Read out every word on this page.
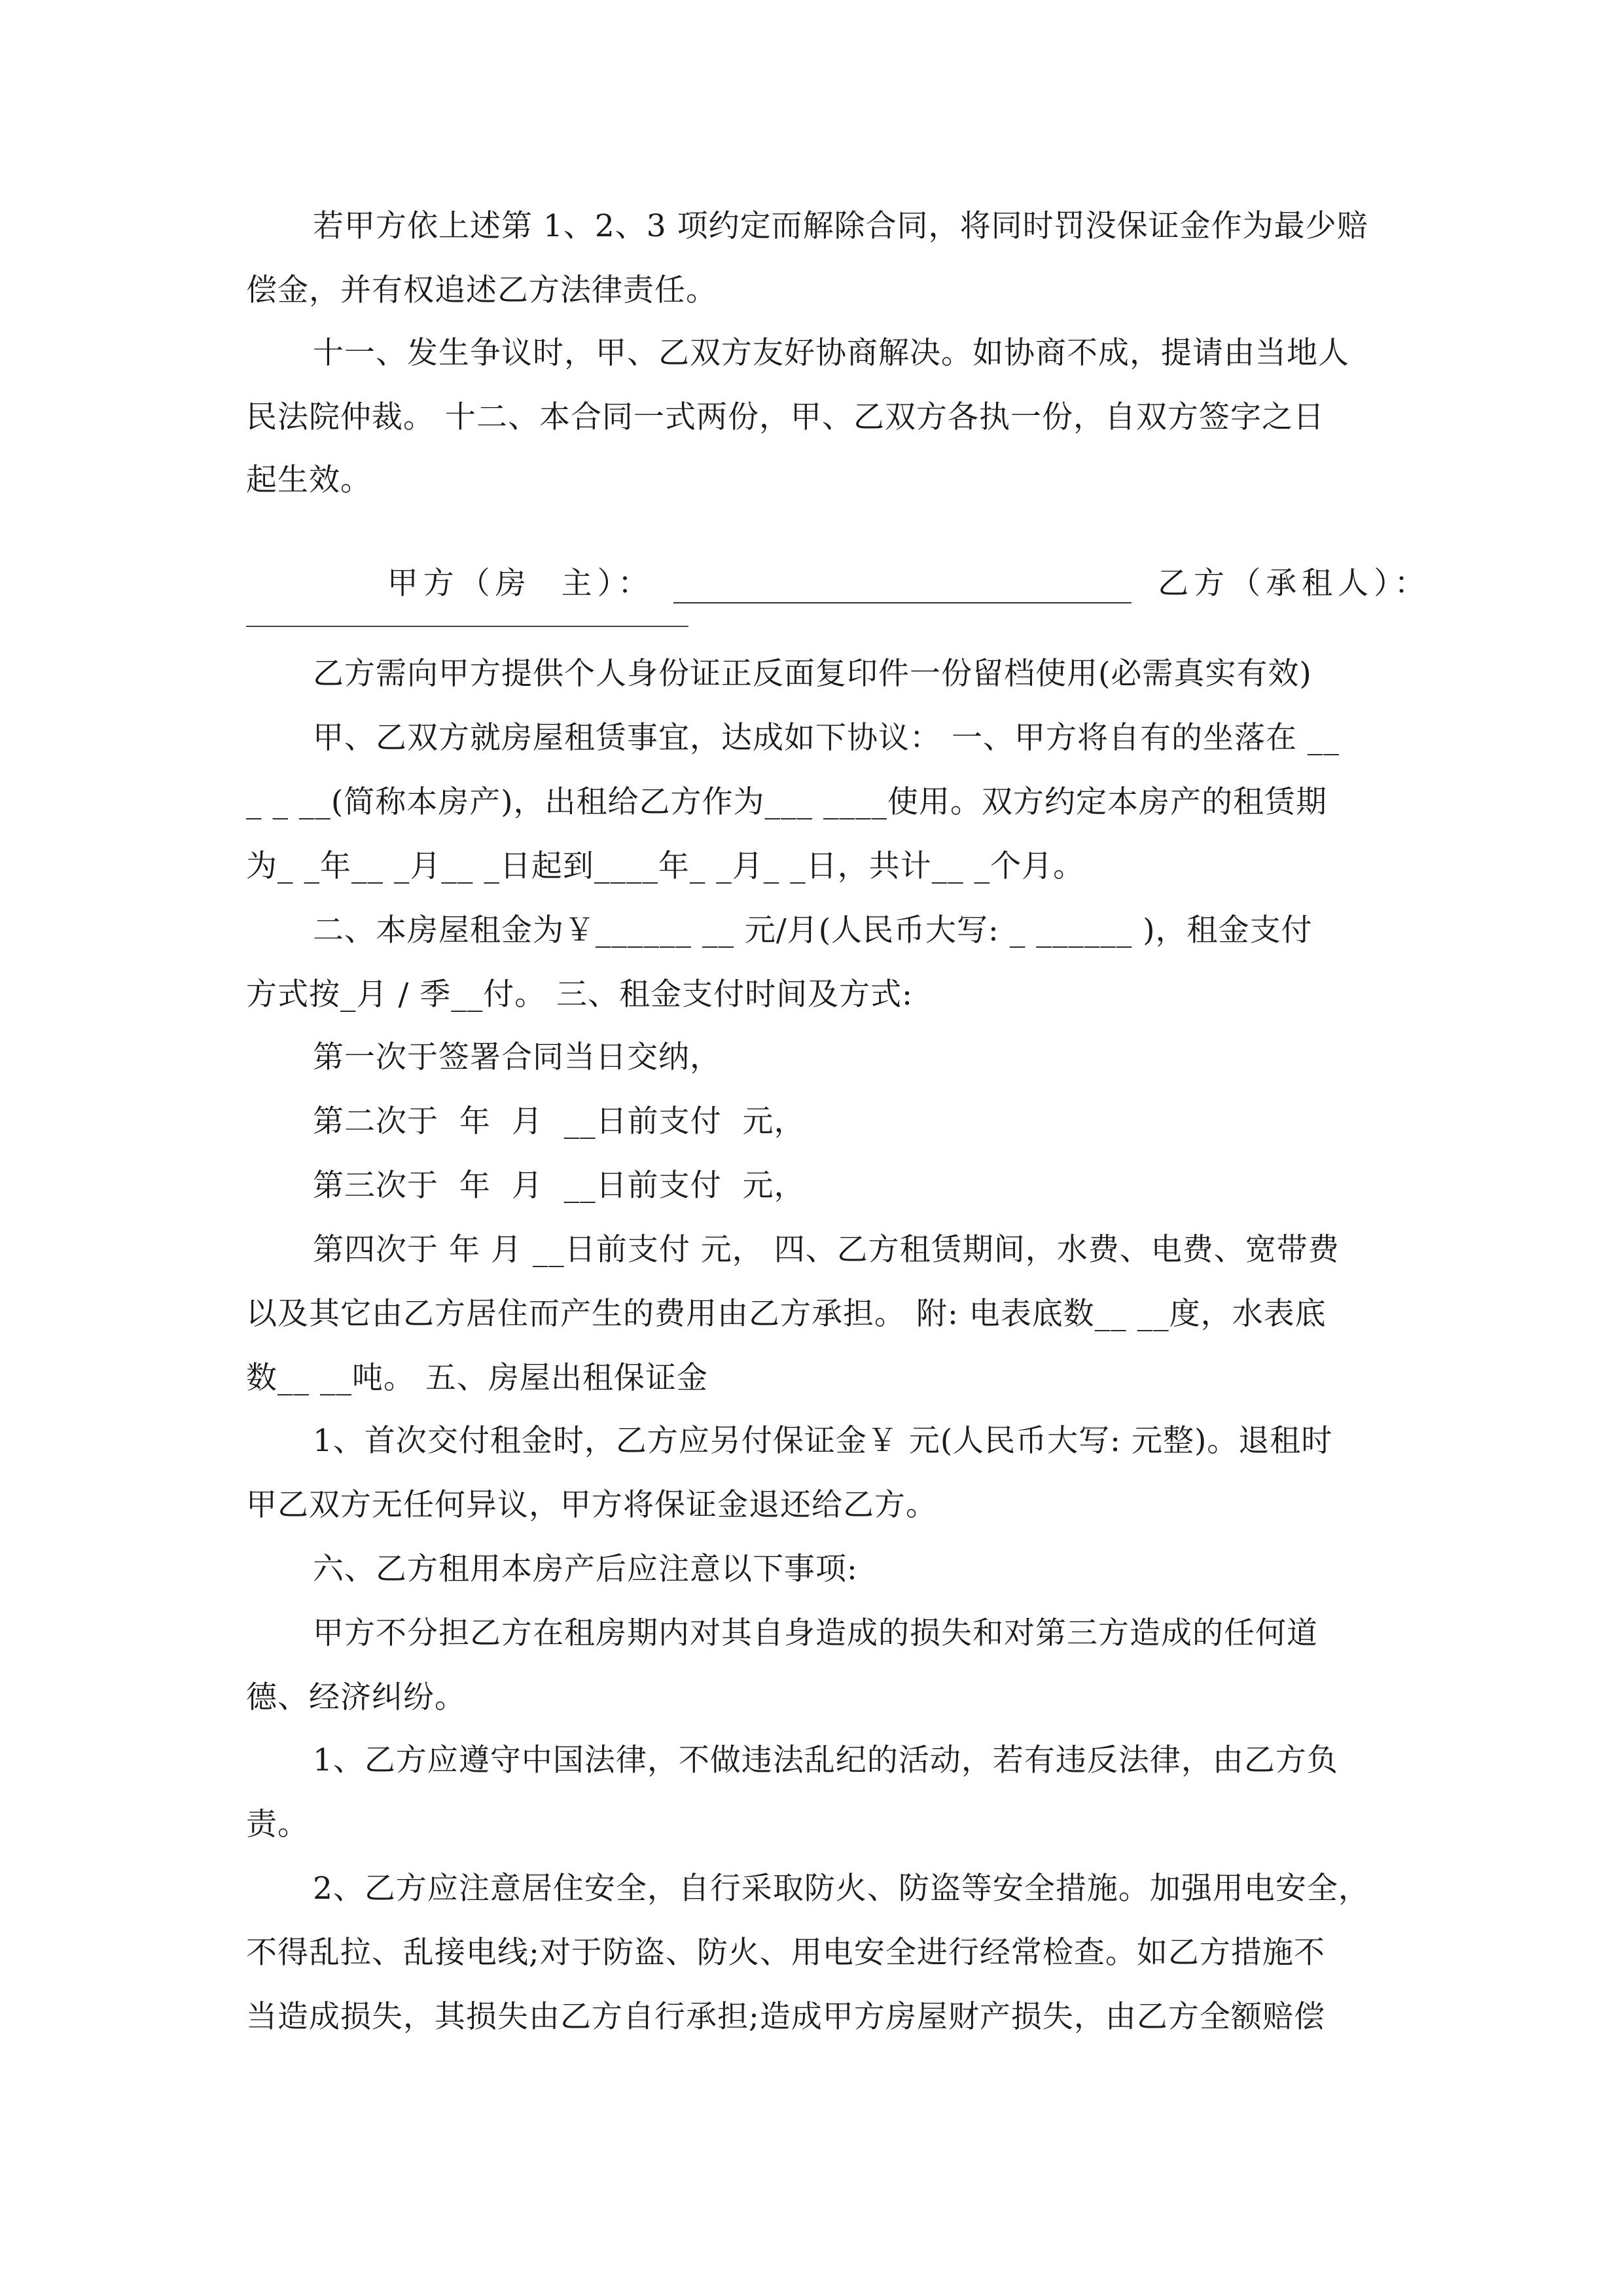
若甲方依上述第 1、2、3 项约定而解除合同，将同时罚没保证金作为最少赔
偿金，并有权追述乙方法律责任。
十一、发生争议时，甲、乙双方友好协商解决。如协商不成，提请由当地人
民法院仲裁。 十二、本合同一式两份，甲、乙双方各执一份，自双方签字之日
起生效。

甲方（房  主）：	乙方（承租人）：

乙方需向甲方提供个人身份证正反面复印件一份留档使用(必需真实有效)
甲、乙双方就房屋租赁事宜，达成如下协议： 一、甲方将自有的坐落在 __
_ _ __(简称本房产)，出租给乙方作为___ ____使用。双方约定本房产的租赁期
为_ _年__ _月__ _日起到____年_ _月_ _日，共计__ _个月。
二、本房屋租金为￥______ __ 元/月(人民币大写: _ ______ )，租金支付
方式按_月 / 季__付。 三、租金支付时间及方式:
第一次于签署合同当日交纳，
第二次于  年  月  __日前支付  元，
第三次于  年  月  __日前支付  元，
第四次于 年 月 __日前支付 元， 四、乙方租赁期间，水费、电费、宽带费
以及其它由乙方居住而产生的费用由乙方承担。 附: 电表底数__ __度，水表底
数__ __吨。 五、房屋出租保证金
1、首次交付租金时，乙方应另付保证金￥ 元(人民币大写: 元整)。退租时
甲乙双方无任何异议，甲方将保证金退还给乙方。
六、乙方租用本房产后应注意以下事项:
甲方不分担乙方在租房期内对其自身造成的损失和对第三方造成的任何道
德、经济纠纷。
1、乙方应遵守中国法律，不做违法乱纪的活动，若有违反法律，由乙方负
责。
2、乙方应注意居住安全，自行采取防火、防盗等安全措施。加强用电安全，
不得乱拉、乱接电线;对于防盗、防火、用电安全进行经常检查。如乙方措施不
当造成损失，其损失由乙方自行承担;造成甲方房屋财产损失，由乙方全额赔偿
